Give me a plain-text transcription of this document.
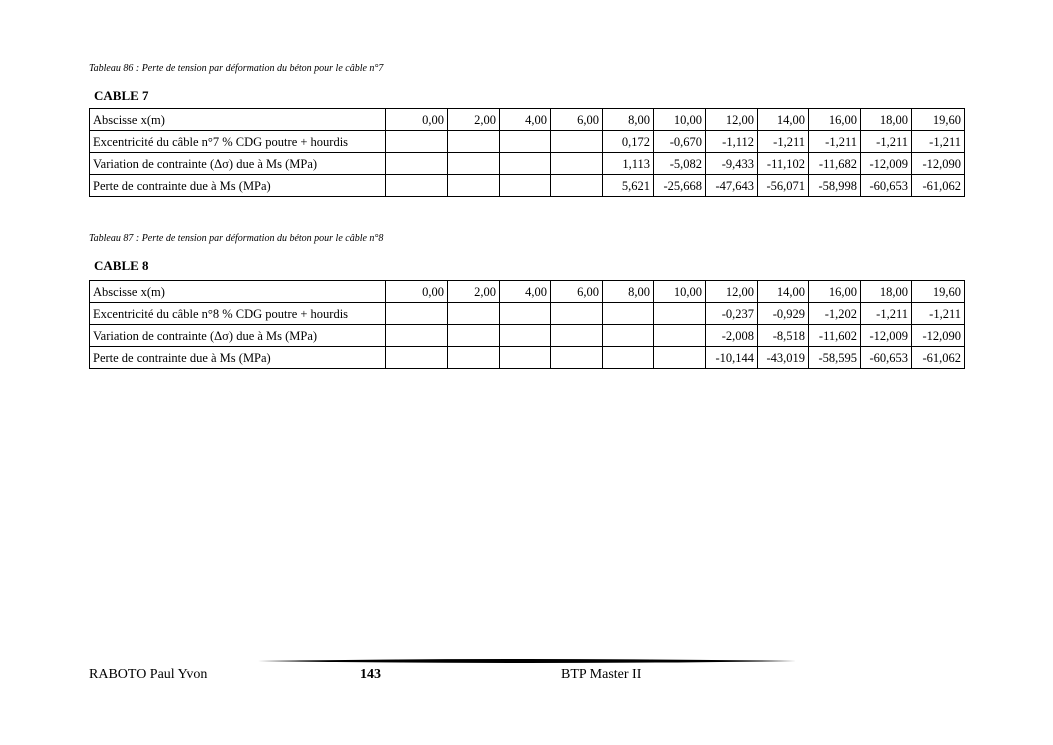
Tableau 86 : Perte de tension par déformation du béton pour le câble n°7
CABLE 7
Abscisse x(m)	0,00	2,00	4,00	6,00	8,00	10,00	12,00	14,00	16,00	18,00	19,60
Excentricité du câble n°7 % CDG poutre + hourdis					0,172	-0,670	-1,112	-1,211	-1,211	-1,211	-1,211
Variation de contrainte (Δσ) due à Ms (MPa)					1,113	-5,082	-9,433	-11,102	-11,682	-12,009	-12,090
Perte de contrainte due à Ms (MPa)					5,621	-25,668	-47,643	-56,071	-58,998	-60,653	-61,062
Tableau 87 : Perte de tension par déformation du béton pour le câble n°8
CABLE 8
Abscisse x(m)	0,00	2,00	4,00	6,00	8,00	10,00	12,00	14,00	16,00	18,00	19,60
Excentricité du câble n°8 % CDG poutre + hourdis							-0,237	-0,929	-1,202	-1,211	-1,211
Variation de contrainte (Δσ) due à Ms (MPa)							-2,008	-8,518	-11,602	-12,009	-12,090
Perte de contrainte due à Ms (MPa)							-10,144	-43,019	-58,595	-60,653	-61,062
RABOTO Paul Yvon	143	BTP Master II
